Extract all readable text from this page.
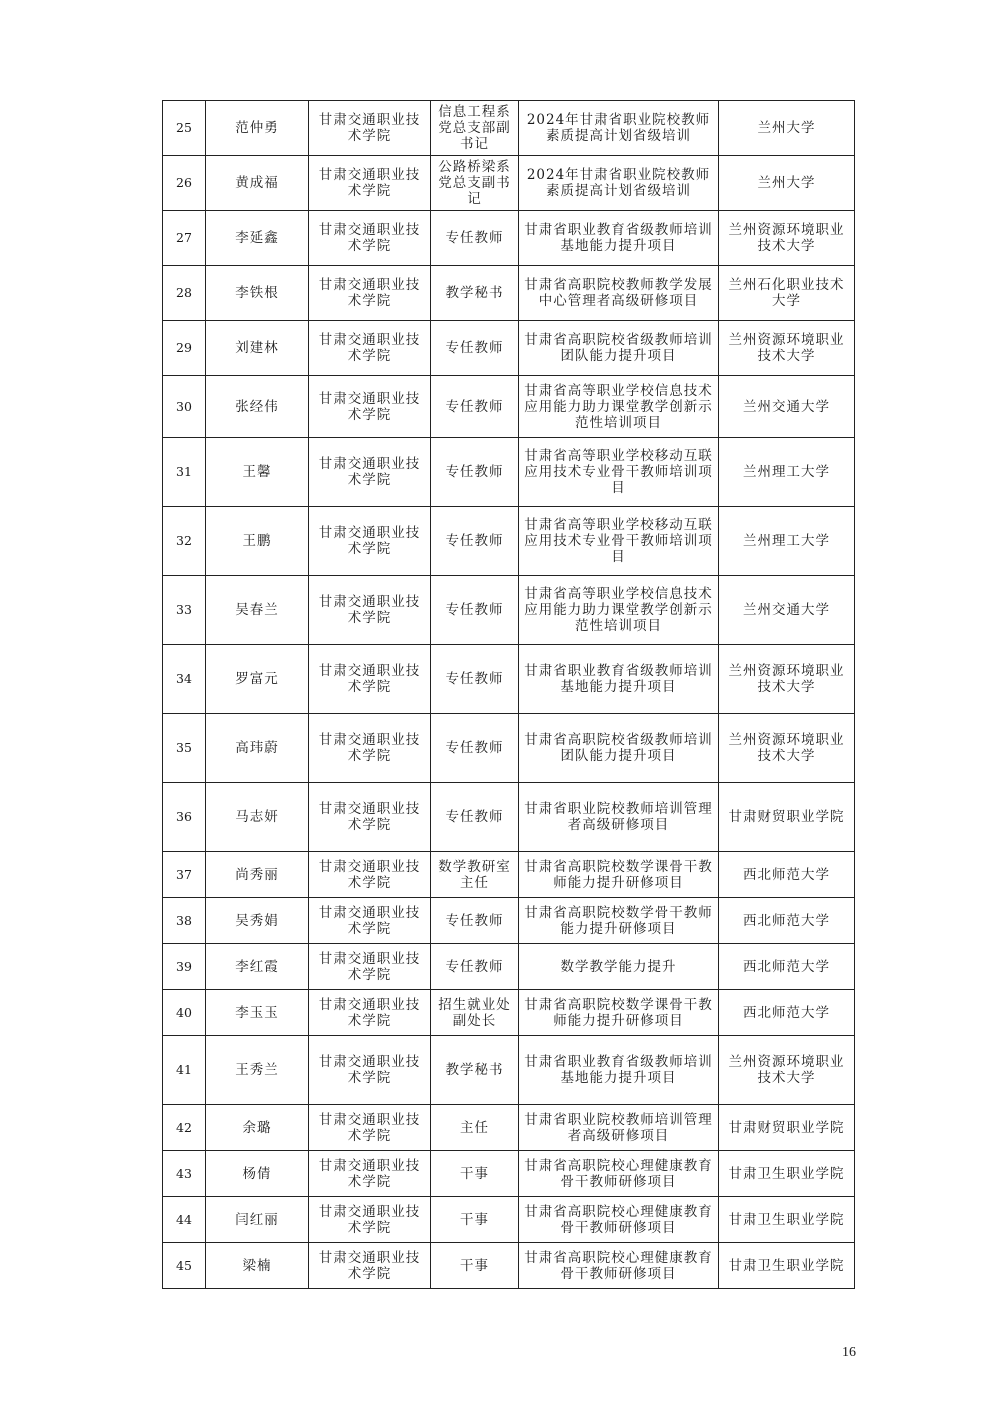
25	范仲勇	甘肃交通职业技术学院	信息工程系党总支部副书记	2024年甘肃省职业院校教师素质提高计划省级培训	兰州大学
26	黄成福	甘肃交通职业技术学院	公路桥梁系党总支副书记	2024年甘肃省职业院校教师素质提高计划省级培训	兰州大学
27	李延鑫	甘肃交通职业技术学院	专任教师	甘肃省职业教育省级教师培训基地能力提升项目	兰州资源环境职业技术大学
28	李铁根	甘肃交通职业技术学院	教学秘书	甘肃省高职院校教师教学发展中心管理者高级研修项目	兰州石化职业技术大学
29	刘建林	甘肃交通职业技术学院	专任教师	甘肃省高职院校省级教师培训团队能力提升项目	兰州资源环境职业技术大学
30	张经伟	甘肃交通职业技术学院	专任教师	甘肃省高等职业学校信息技术应用能力助力课堂教学创新示范性培训项目	兰州交通大学
31	王馨	甘肃交通职业技术学院	专任教师	甘肃省高等职业学校移动互联应用技术专业骨干教师培训项目	兰州理工大学
32	王鹏	甘肃交通职业技术学院	专任教师	甘肃省高等职业学校移动互联应用技术专业骨干教师培训项目	兰州理工大学
33	吴春兰	甘肃交通职业技术学院	专任教师	甘肃省高等职业学校信息技术应用能力助力课堂教学创新示范性培训项目	兰州交通大学
34	罗富元	甘肃交通职业技术学院	专任教师	甘肃省职业教育省级教师培训基地能力提升项目	兰州资源环境职业技术大学
35	高玮蔚	甘肃交通职业技术学院	专任教师	甘肃省高职院校省级教师培训团队能力提升项目	兰州资源环境职业技术大学
36	马志妍	甘肃交通职业技术学院	专任教师	甘肃省职业院校教师培训管理者高级研修项目	甘肃财贸职业学院
37	尚秀丽	甘肃交通职业技术学院	数学教研室主任	甘肃省高职院校数学课骨干教师能力提升研修项目	西北师范大学
38	吴秀娟	甘肃交通职业技术学院	专任教师	甘肃省高职院校数学骨干教师能力提升研修项目	西北师范大学
39	李红霞	甘肃交通职业技术学院	专任教师	数学教学能力提升	西北师范大学
40	李玉玉	甘肃交通职业技术学院	招生就业处副处长	甘肃省高职院校数学课骨干教师能力提升研修项目	西北师范大学
41	王秀兰	甘肃交通职业技术学院	教学秘书	甘肃省职业教育省级教师培训基地能力提升项目	兰州资源环境职业技术大学
42	余璐	甘肃交通职业技术学院	主任	甘肃省职业院校教师培训管理者高级研修项目	甘肃财贸职业学院
43	杨倩	甘肃交通职业技术学院	干事	甘肃省高职院校心理健康教育骨干教师研修项目	甘肃卫生职业学院
44	闫红丽	甘肃交通职业技术学院	干事	甘肃省高职院校心理健康教育骨干教师研修项目	甘肃卫生职业学院
45	梁楠	甘肃交通职业技术学院	干事	甘肃省高职院校心理健康教育骨干教师研修项目	甘肃卫生职业学院
16
